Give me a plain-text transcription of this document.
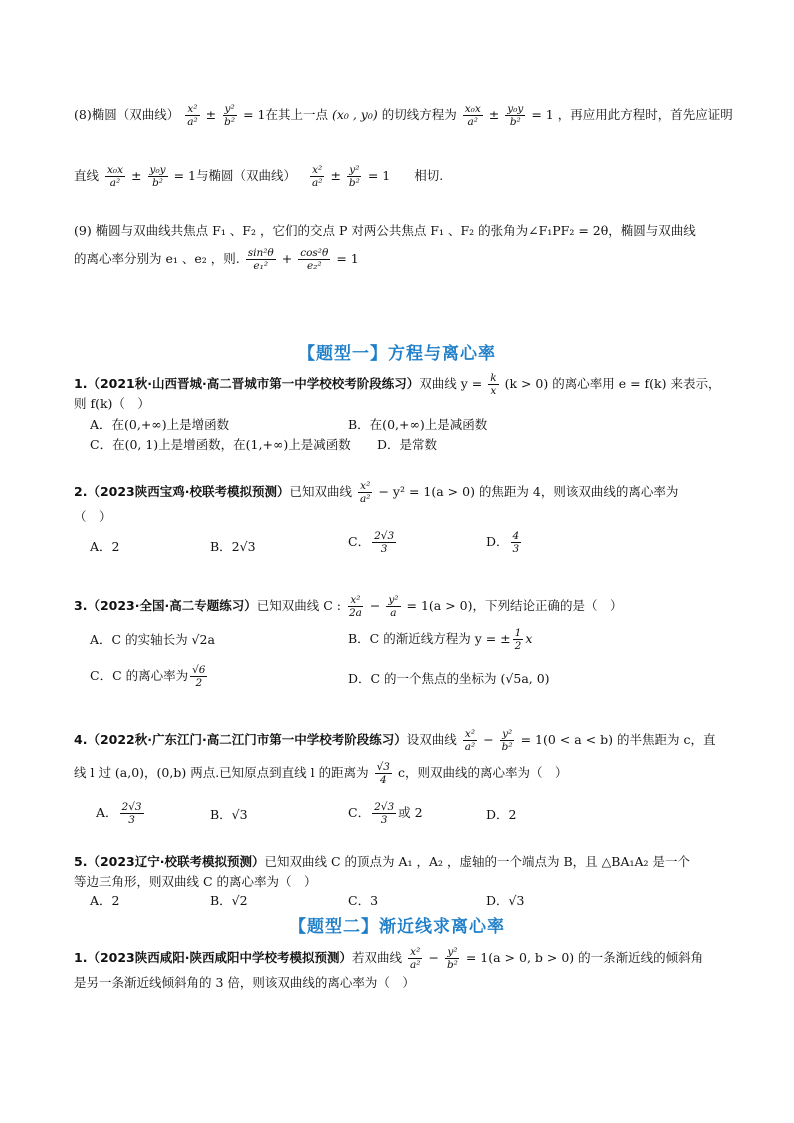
(8)椭圆（双曲线） $\frac{\text{x²}}{\text{a²}} \pm \frac{\text{y²}}{\text{b²}} = 1$在其上一点 (x₀ , y₀) 的切线方程为 $\frac{\text{x₀x}}{\text{a²}} \pm \frac{\text{y₀y}}{\text{b²}} = 1$ ，再应用此方程时，首先应证明
直线 $\frac{\text{x₀x}}{\text{a²}} \pm \frac{\text{y₀y}}{\text{b²}} = 1$与椭圆（双曲线） $\frac{\text{x²}}{\text{a²}} \pm \frac{\text{y²}}{\text{b²}} = 1$ 相切.
(9) 椭圆与双曲线共焦点 F₁ 、F₂ ，它们的交点 P 对两公共焦点 F₁ 、F₂ 的张角为∠F₁PF₂ = 2θ，椭圆与双曲线
的离心率分别为 e₁ 、e₂ ，则. $\frac{\text{sin²θ}}{\text{e₁²}} + \frac{\text{cos²θ}}{\text{e₂²}} = 1$
【题型一】方程与离心率
1.（2021秋·山西晋城·高二晋城市第一中学校校考阶段练习）双曲线 $y = \frac{k}{x} (k > 0)$ 的离心率用 e = f(k) 来表示，
则 f(k)（　）
A．在(0,+∞)上是增函数	B．在(0,+∞)上是减函数
C．在(0, 1)上是增函数，在(1,+∞)上是减函数 D．是常数
2.（2023陕西宝鸡·校联考模拟预测）已知双曲线 $\frac{\text{x²}}{\text{a²}} - y^2 = 1(a > 0)$ 的焦距为 4，则该双曲线的离心率为
（　）
A．2	B．2√3	C． $\frac{2√3}{3}$	D． $\frac{4}{3}$
3.（2023·全国·高二专题练习）已知双曲线 C : $\frac{\text{x²}}{2a} - \frac{\text{y²}}{a} = 1(a > 0)$，下列结论正确的是（　）
A．C 的实轴长为 √2a	B．C 的渐近线方程为 y = ± $\frac{1}{2}$ x
C．C 的离心率为 $\frac{√6}{2}$	D．C 的一个焦点的坐标为 (√5a, 0)
4.（2022秋·广东江门·高二江门市第一中学校考阶段练习）设双曲线 $\frac{\text{x²}}{\text{a²}} - \frac{\text{y²}}{\text{b²}} = 1(0 < a < b)$ 的半焦距为 c，直
线 l 过 (a,0)，(0,b) 两点.已知原点到直线 l 的距离为 $\frac{√3}{4}$ c，则双曲线的离心率为（　）
A． $\frac{2√3}{3}$	B．√3	C． $\frac{2√3}{3}$ 或 2	D．2
5.（2023辽宁·校联考模拟预测）已知双曲线 C 的顶点为 A₁ ，A₂ ，虚轴的一个端点为 B，且 △BA₁A₂ 是一个
等边三角形，则双曲线 C 的离心率为（　）
A．2	B．√2	C．3	D．√3
【题型二】渐近线求离心率
1.（2023陕西咸阳·陕西咸阳中学校考模拟预测）若双曲线 $\frac{\text{x²}}{\text{a²}} - \frac{\text{y²}}{\text{b²}} = 1(a > 0$, b > 0) 的一条渐近线的倾斜角
是另一条渐近线倾斜角的 3 倍，则该双曲线的离心率为（　）
